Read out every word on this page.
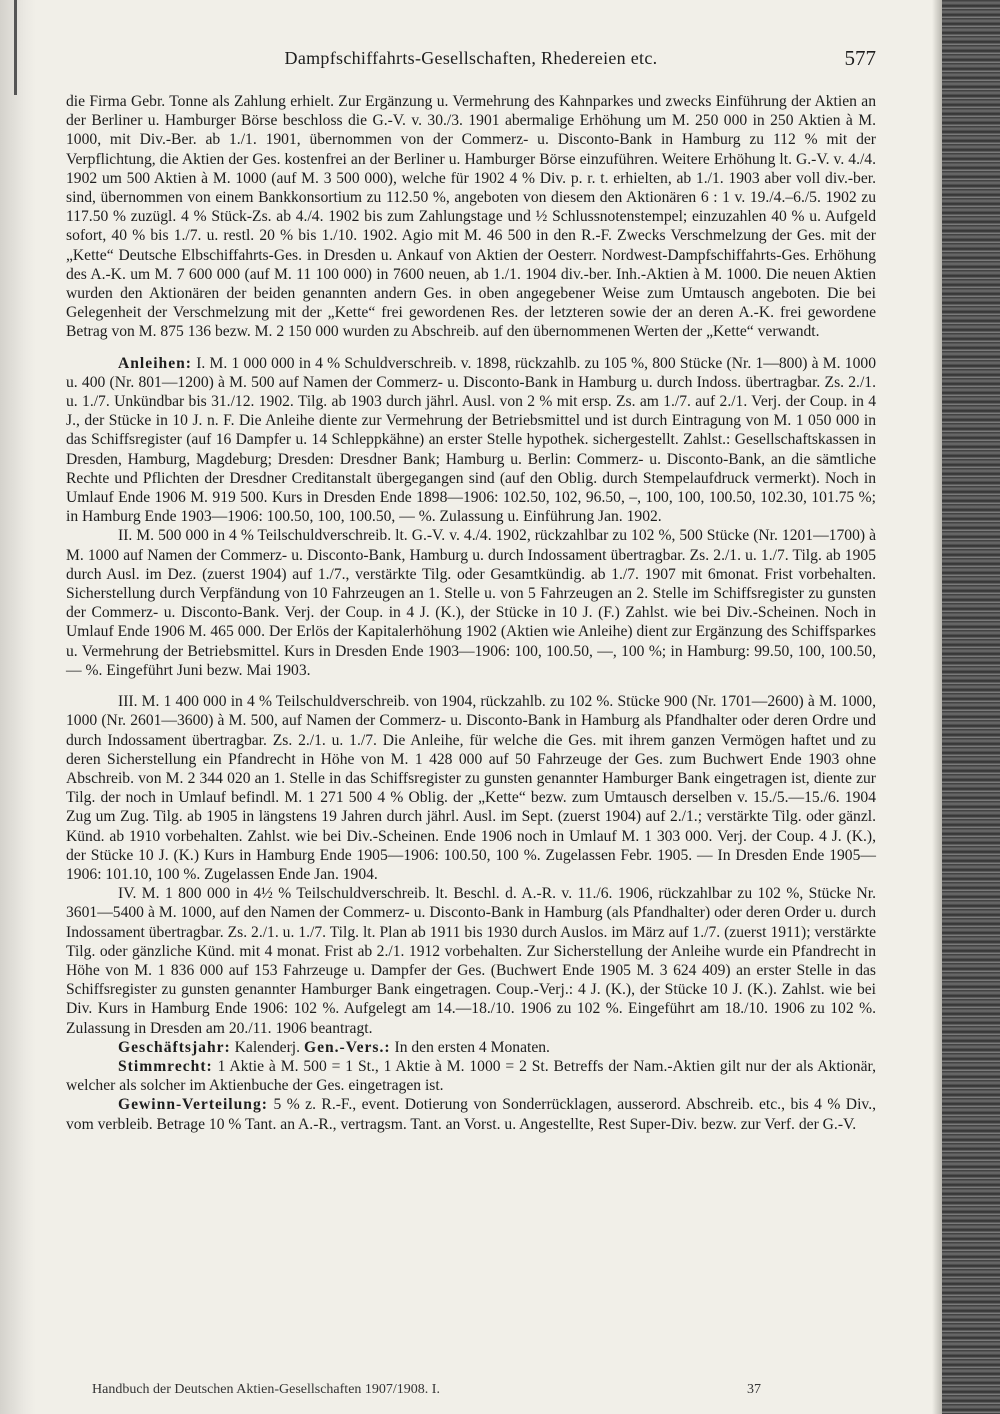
Dampfschiffahrts-Gesellschaften, Rhedereien etc.	577

die Firma Gebr. Tonne als Zahlung erhielt. Zur Ergänzung u. Vermehrung des Kahnparkes und zwecks Einführung der Aktien an der Berliner u. Hamburger Börse beschloss die G.-V. v. 30./3. 1901 abermalige Erhöhung um M. 250 000 in 250 Aktien à M. 1000, mit Div.-Ber. ab 1./1. 1901, übernommen von der Commerz- u. Disconto-Bank in Hamburg zu 112 % mit der Verpflichtung, die Aktien der Ges. kostenfrei an der Berliner u. Hamburger Börse einzuführen. Weitere Erhöhung lt. G.-V. v. 4./4. 1902 um 500 Aktien à M. 1000 (auf M. 3 500 000), welche für 1902 4 % Div. p. r. t. erhielten, ab 1./1. 1903 aber voll div.-ber. sind, übernommen von einem Bankkonsortium zu 112.50 %, angeboten von diesem den Aktionären 6 : 1 v. 19./4.–6./5. 1902 zu 117.50 % zuzügl. 4 % Stück-Zs. ab 4./4. 1902 bis zum Zahlungstage und ½ Schlussnotenstempel; einzuzahlen 40 % u. Aufgeld sofort, 40 % bis 1./7. u. restl. 20 % bis 1./10. 1902. Agio mit M. 46 500 in den R.-F. Zwecks Verschmelzung der Ges. mit der „Kette“ Deutsche Elbschiffahrts-Ges. in Dresden u. Ankauf von Aktien der Oesterr. Nordwest-Dampfschiffahrts-Ges. Erhöhung des A.-K. um M. 7 600 000 (auf M. 11 100 000) in 7600 neuen, ab 1./1. 1904 div.-ber. Inh.-Aktien à M. 1000. Die neuen Aktien wurden den Aktionären der beiden genannten andern Ges. in oben angegebener Weise zum Umtausch angeboten. Die bei Gelegenheit der Verschmelzung mit der „Kette“ frei gewordenen Res. der letzteren sowie der an deren A.-K. frei gewordene Betrag von M. 875 136 bezw. M. 2 150 000 wurden zu Abschreib. auf den übernommenen Werten der „Kette“ verwandt.

Anleihen: I. M. 1 000 000 in 4 % Schuldverschreib. v. 1898, rückzahlb. zu 105 %, 800 Stücke (Nr. 1—800) à M. 1000 u. 400 (Nr. 801—1200) à M. 500 auf Namen der Commerz- u. Disconto-Bank in Hamburg u. durch Indoss. übertragbar. Zs. 2./1. u. 1./7. Unkündbar bis 31./12. 1902. Tilg. ab 1903 durch jährl. Ausl. von 2 % mit ersp. Zs. am 1./7. auf 2./1. Verj. der Coup. in 4 J., der Stücke in 10 J. n. F. Die Anleihe diente zur Vermehrung der Betriebsmittel und ist durch Eintragung von M. 1 050 000 in das Schiffsregister (auf 16 Dampfer u. 14 Schleppkähne) an erster Stelle hypothek. sichergestellt. Zahlst.: Gesellschaftskassen in Dresden, Hamburg, Magdeburg; Dresden: Dresdner Bank; Hamburg u. Berlin: Commerz- u. Disconto-Bank, an die sämtliche Rechte und Pflichten der Dresdner Creditanstalt übergegangen sind (auf den Oblig. durch Stempelaufdruck vermerkt). Noch in Umlauf Ende 1906 M. 919 500. Kurs in Dresden Ende 1898—1906: 102.50, 102, 96.50, –, 100, 100, 100.50, 102.30, 101.75 %; in Hamburg Ende 1903—1906: 100.50, 100, 100.50, — %. Zulassung u. Einführung Jan. 1902.

II. M. 500 000 in 4 % Teilschuldverschreib. lt. G.-V. v. 4./4. 1902, rückzahlbar zu 102 %, 500 Stücke (Nr. 1201—1700) à M. 1000 auf Namen der Commerz- u. Disconto-Bank, Hamburg u. durch Indossament übertragbar. Zs. 2./1. u. 1./7. Tilg. ab 1905 durch Ausl. im Dez. (zuerst 1904) auf 1./7., verstärkte Tilg. oder Gesamtkündig. ab 1./7. 1907 mit 6monat. Frist vorbehalten. Sicherstellung durch Verpfändung von 10 Fahrzeugen an 1. Stelle u. von 5 Fahrzeugen an 2. Stelle im Schiffsregister zu gunsten der Commerz- u. Disconto-Bank. Verj. der Coup. in 4 J. (K.), der Stücke in 10 J. (F.) Zahlst. wie bei Div.-Scheinen. Noch in Umlauf Ende 1906 M. 465 000. Der Erlös der Kapitalerhöhung 1902 (Aktien wie Anleihe) dient zur Ergänzung des Schiffsparkes u. Vermehrung der Betriebsmittel. Kurs in Dresden Ende 1903—1906: 100, 100.50, —, 100 %; in Hamburg: 99.50, 100, 100.50, — %. Eingeführt Juni bezw. Mai 1903.

III. M. 1 400 000 in 4 % Teilschuldverschreib. von 1904, rückzahlb. zu 102 %. Stücke 900 (Nr. 1701—2600) à M. 1000, 1000 (Nr. 2601—3600) à M. 500, auf Namen der Commerz- u. Disconto-Bank in Hamburg als Pfandhalter oder deren Ordre und durch Indossament übertragbar. Zs. 2./1. u. 1./7. Die Anleihe, für welche die Ges. mit ihrem ganzen Vermögen haftet und zu deren Sicherstellung ein Pfandrecht in Höhe von M. 1 428 000 auf 50 Fahrzeuge der Ges. zum Buchwert Ende 1903 ohne Abschreib. von M. 2 344 020 an 1. Stelle in das Schiffsregister zu gunsten genannter Hamburger Bank eingetragen ist, diente zur Tilg. der noch in Umlauf befindl. M. 1 271 500 4 % Oblig. der „Kette“ bezw. zum Umtausch derselben v. 15./5.—15./6. 1904 Zug um Zug. Tilg. ab 1905 in längstens 19 Jahren durch jährl. Ausl. im Sept. (zuerst 1904) auf 2./1.; verstärkte Tilg. oder gänzl. Künd. ab 1910 vorbehalten. Zahlst. wie bei Div.-Scheinen. Ende 1906 noch in Umlauf M. 1 303 000. Verj. der Coup. 4 J. (K.), der Stücke 10 J. (K.) Kurs in Hamburg Ende 1905—1906: 100.50, 100 %. Zugelassen Febr. 1905. — In Dresden Ende 1905—1906: 101.10, 100 %. Zugelassen Ende Jan. 1904.

IV. M. 1 800 000 in 4½ % Teilschuldverschreib. lt. Beschl. d. A.-R. v. 11./6. 1906, rückzahlbar zu 102 %, Stücke Nr. 3601—5400 à M. 1000, auf den Namen der Commerz- u. Disconto-Bank in Hamburg (als Pfandhalter) oder deren Order u. durch Indossament übertragbar. Zs. 2./1. u. 1./7. Tilg. lt. Plan ab 1911 bis 1930 durch Auslos. im März auf 1./7. (zuerst 1911); verstärkte Tilg. oder gänzliche Künd. mit 4 monat. Frist ab 2./1. 1912 vorbehalten. Zur Sicherstellung der Anleihe wurde ein Pfandrecht in Höhe von M. 1 836 000 auf 153 Fahrzeuge u. Dampfer der Ges. (Buchwert Ende 1905 M. 3 624 409) an erster Stelle in das Schiffsregister zu gunsten genannter Hamburger Bank eingetragen. Coup.-Verj.: 4 J. (K.), der Stücke 10 J. (K.). Zahlst. wie bei Div. Kurs in Hamburg Ende 1906: 102 %. Aufgelegt am 14.—18./10. 1906 zu 102 %. Eingeführt am 18./10. 1906 zu 102 %. Zulassung in Dresden am 20./11. 1906 beantragt.

Geschäftsjahr: Kalenderj. Gen.-Vers.: In den ersten 4 Monaten.

Stimmrecht: 1 Aktie à M. 500 = 1 St., 1 Aktie à M. 1000 = 2 St. Betreffs der Nam.-Aktien gilt nur der als Aktionär, welcher als solcher im Aktienbuche der Ges. eingetragen ist.

Gewinn-Verteilung: 5 % z. R.-F., event. Dotierung von Sonderrücklagen, ausserord. Abschreib. etc., bis 4 % Div., vom verbleib. Betrage 10 % Tant. an A.-R., vertragsm. Tant. an Vorst. u. Angestellte, Rest Super-Div. bezw. zur Verf. der G.-V.

Handbuch der Deutschen Aktien-Gesellschaften 1907/1908. I.	37
